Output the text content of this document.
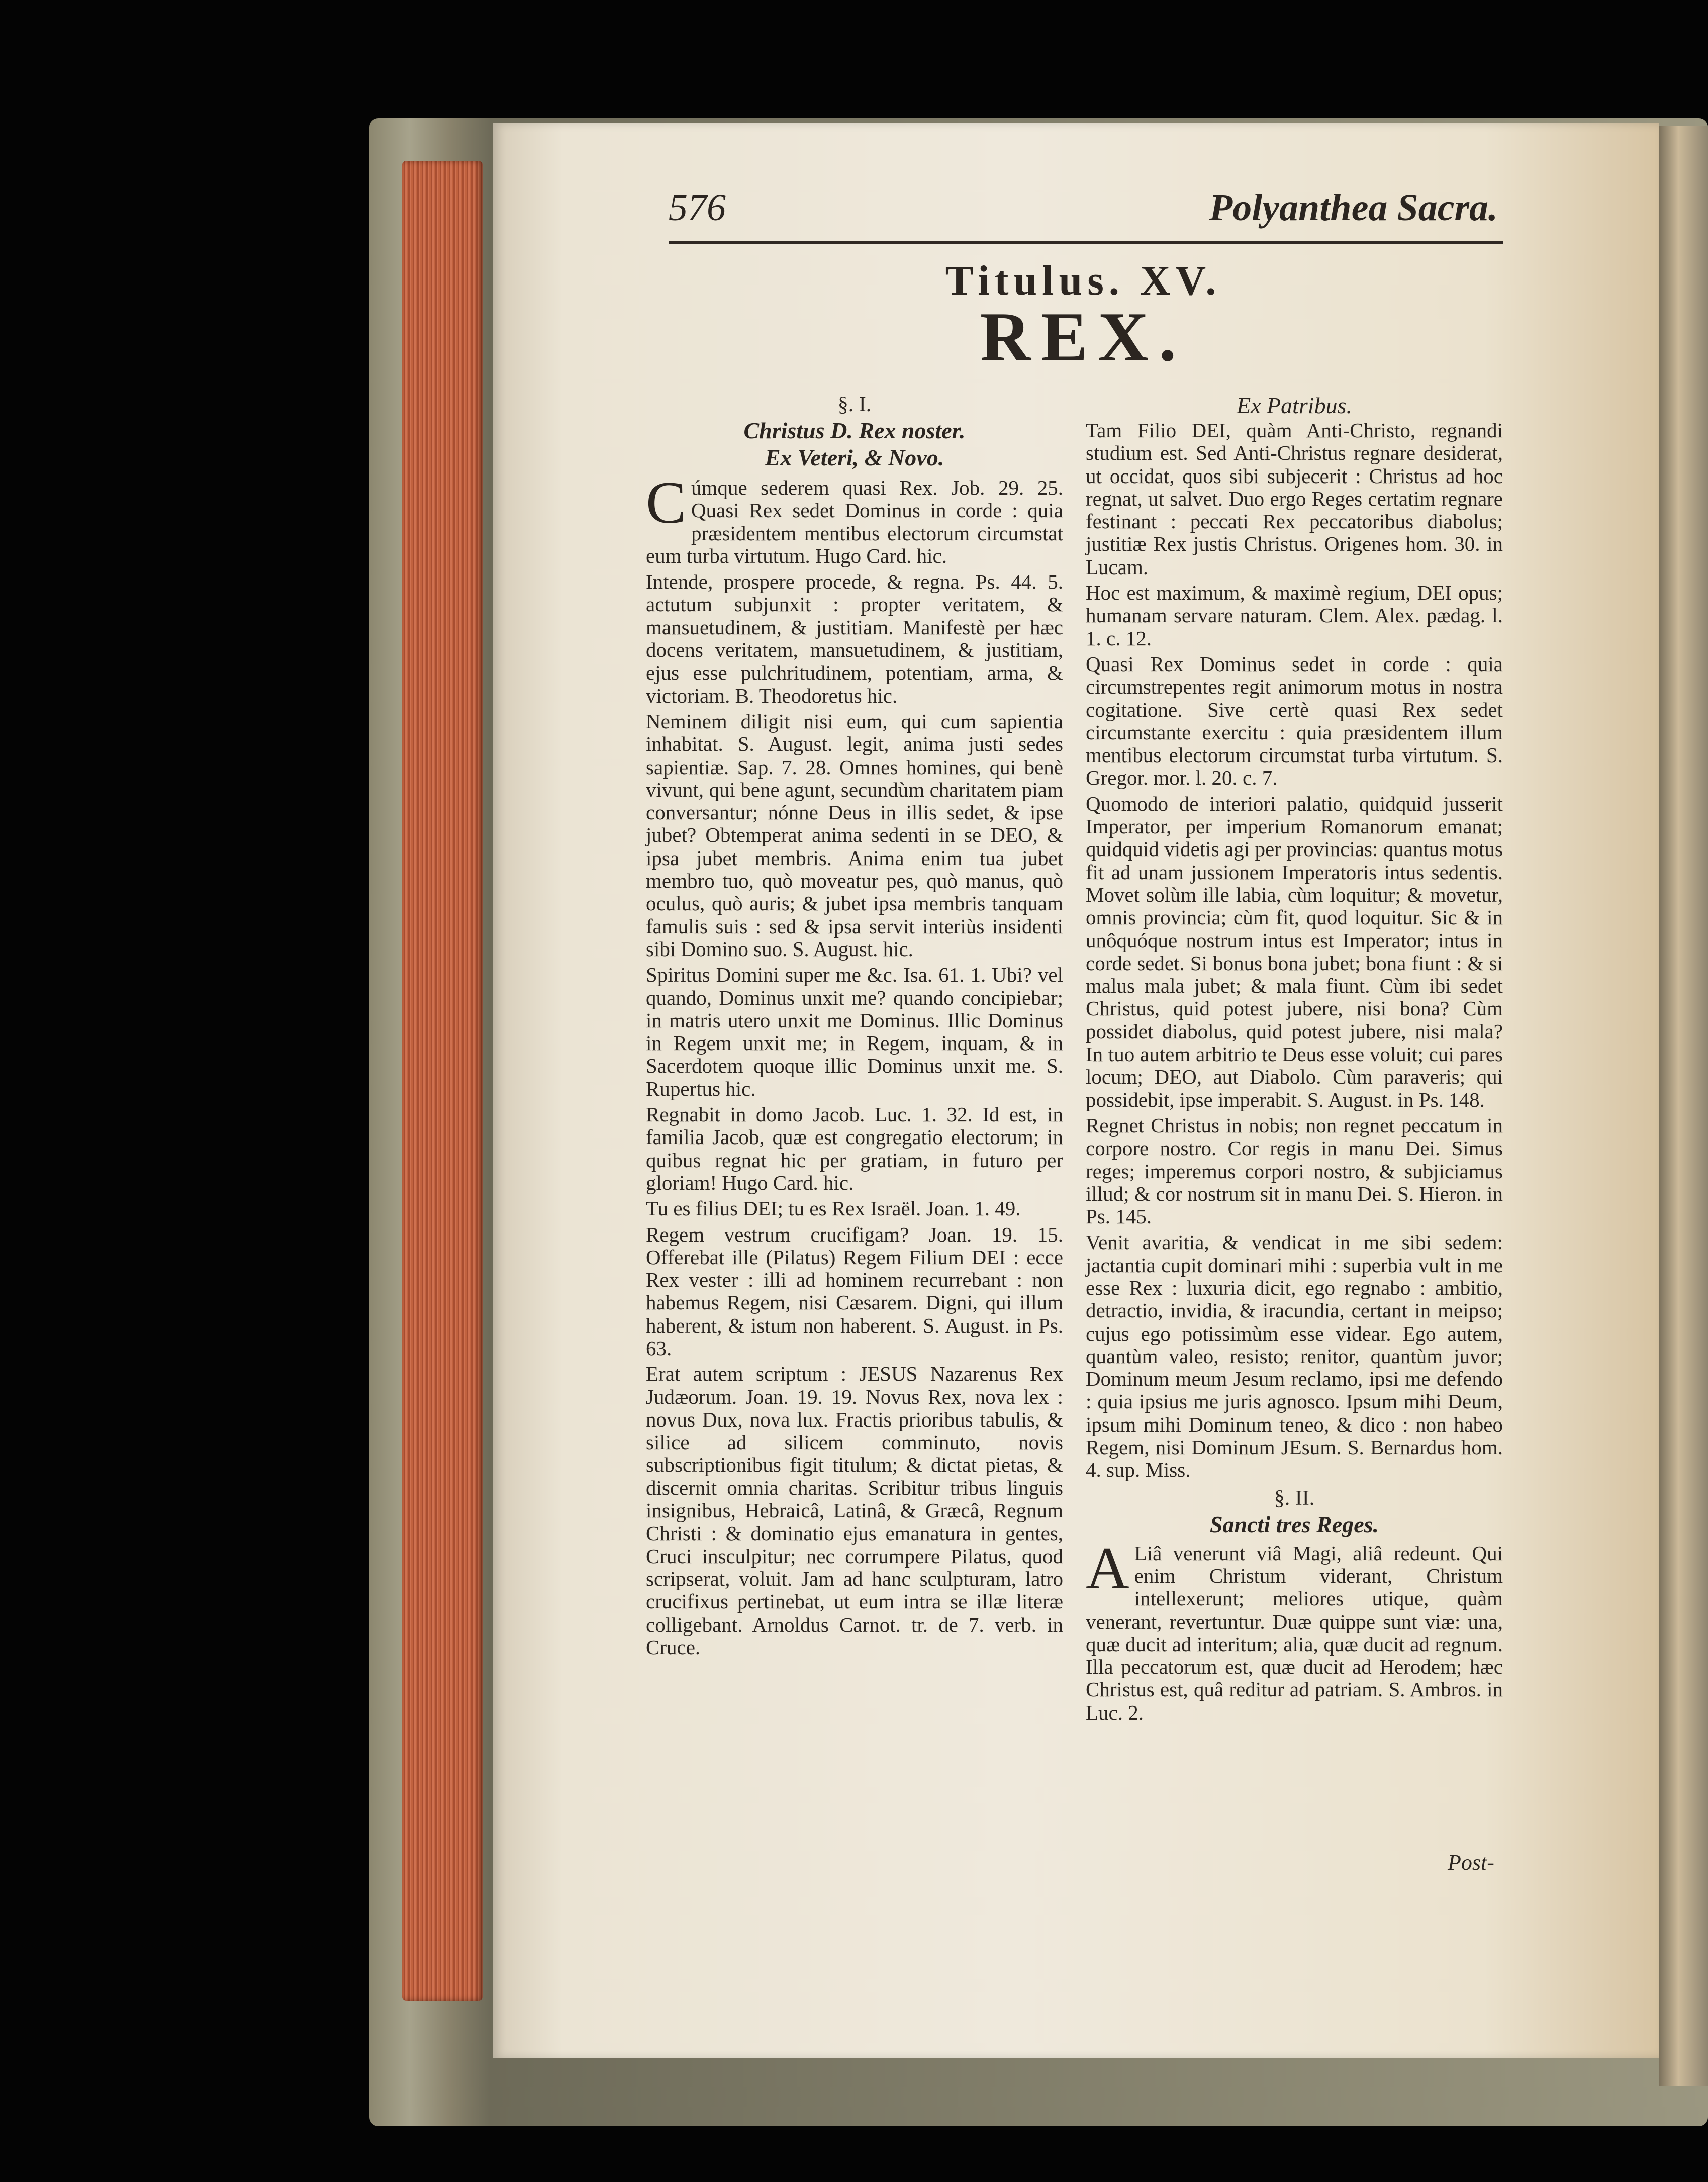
576	Polyanthea Sacra.
Titulus. XV.
REX.
§. I.
Christus D. Rex noster.
Ex Veteri, & Novo.

Cúmque sederem quasi Rex. Job. 29. 25. Quasi Rex sedet Dominus in corde : quia præsidentem mentibus electorum circumstat eum turba virtutum. Hugo Card. hic.

Intende, prospere procede, & regna. Ps. 44. 5. actutum subjunxit : propter veritatem, & mansuetudinem, & justitiam. Manifestè per hæc docens veritatem, mansuetudinem, & justitiam, ejus esse pulchritudinem, potentiam, arma, & victoriam. B. Theodoretus hic.

Neminem diligit nisi eum, qui cum sapientia inhabitat. S. August. legit, anima justi sedes sapientiæ. Sap. 7. 28. Omnes homines, qui benè vivunt, qui bene agunt, secundùm charitatem piam conversantur; nónne Deus in illis sedet, & ipse jubet? Obtemperat anima sedenti in se DEO, & ipsa jubet membris. Anima enim tua jubet membro tuo, quò moveatur pes, quò manus, quò oculus, quò auris; & jubet ipsa membris tanquam famulis suis : sed & ipsa servit interiùs insidenti sibi Domino suo. S. August. hic.

Spiritus Domini super me &c. Isa. 61. 1. Ubi? vel quando, Dominus unxit me? quando concipiebar; in matris utero unxit me Dominus. Illic Dominus in Regem unxit me; in Regem, inquam, & in Sacerdotem quoque illic Dominus unxit me. S. Rupertus hic.

Regnabit in domo Jacob. Luc. 1. 32. Id est, in familia Jacob, quæ est congregatio electorum; in quibus regnat hic per gratiam, in futuro per gloriam! Hugo Card. hic.

Tu es filius DEI; tu es Rex Israël. Joan. 1. 49.

Regem vestrum crucifigam? Joan. 19. 15. Offerebat ille (Pilatus) Regem Filium DEI : ecce Rex vester : illi ad hominem recurrebant : non habemus Regem, nisi Cæsarem. Digni, qui illum haberent, & istum non haberent. S. August. in Ps. 63.

Erat autem scriptum : JESUS Nazarenus Rex Judæorum. Joan. 19. 19. Novus Rex, nova lex : novus Dux, nova lux. Fractis prioribus tabulis, & silice ad silicem comminuto, novis subscriptionibus figit titulum; & dictat pietas, & discernit omnia charitas. Scribitur tribus linguis insignibus, Hebraicâ, Latinâ, & Græcâ, Regnum Christi : & dominatio ejus emanatura in gentes, Cruci insculpitur; nec corrumpere Pilatus, quod scripserat, voluit. Jam ad hanc sculpturam, latro crucifixus pertinebat, ut eum intra se illæ literæ colligebant. Arnoldus Carnot. tr. de 7. verb. in Cruce.

Ex Patribus.

Tam Filio DEI, quàm Anti-Christo, regnandi studium est. Sed Anti-Christus regnare desiderat, ut occidat, quos sibi subjecerit : Christus ad hoc regnat, ut salvet. Duo ergo Reges certatim regnare festinant : peccati Rex peccatoribus diabolus; justitiæ Rex justis Christus. Origenes hom. 30. in Lucam.

Hoc est maximum, & maximè regium, DEI opus; humanam servare naturam. Clem. Alex. pædag. l. 1. c. 12.

Quasi Rex Dominus sedet in corde : quia circumstrepentes regit animorum motus in nostra cogitatione. Sive certè quasi Rex sedet circumstante exercitu : quia præsidentem illum mentibus electorum circumstat turba virtutum. S. Gregor. mor. l. 20. c. 7.

Quomodo de interiori palatio, quidquid jusserit Imperator, per imperium Romanorum emanat; quidquid videtis agi per provincias: quantus motus fit ad unam jussionem Imperatoris intus sedentis. Movet solùm ille labia, cùm loquitur; & movetur, omnis provincia; cùm fit, quod loquitur. Sic & in unôquóque nostrum intus est Imperator; intus in corde sedet. Si bonus bona jubet; bona fiunt : & si malus mala jubet; & mala fiunt. Cùm ibi sedet Christus, quid potest jubere, nisi bona? Cùm possidet diabolus, quid potest jubere, nisi mala? In tuo autem arbitrio te Deus esse voluit; cui pares locum; DEO, aut Diabolo. Cùm paraveris; qui possidebit, ipse imperabit. S. August. in Ps. 148.

Regnet Christus in nobis; non regnet peccatum in corpore nostro. Cor regis in manu Dei. Simus reges; imperemus corpori nostro, & subjiciamus illud; & cor nostrum sit in manu Dei. S. Hieron. in Ps. 145.

Venit avaritia, & vendicat in me sibi sedem: jactantia cupit dominari mihi : superbia vult in me esse Rex : luxuria dicit, ego regnabo : ambitio, detractio, invidia, & iracundia, certant in meipso; cujus ego potissimùm esse videar. Ego autem, quantùm valeo, resisto; renitor, quantùm juvor; Dominum meum Jesum reclamo, ipsi me defendo : quia ipsius me juris agnosco. Ipsum mihi Deum, ipsum mihi Dominum teneo, & dico : non habeo Regem, nisi Dominum JEsum. S. Bernardus hom. 4. sup. Miss.

§. II.
Sancti tres Reges.

A Liâ venerunt viâ Magi, aliâ redeunt. Qui enim Christum viderant, Christum intellexerunt; meliores utique, quàm venerant, revertuntur. Duæ quippe sunt viæ: una, quæ ducit ad interitum; alia, quæ ducit ad regnum. Illa peccatorum est, quæ ducit ad Herodem; hæc Christus est, quâ reditur ad patriam. S. Ambros. in Luc. 2.

Post-
